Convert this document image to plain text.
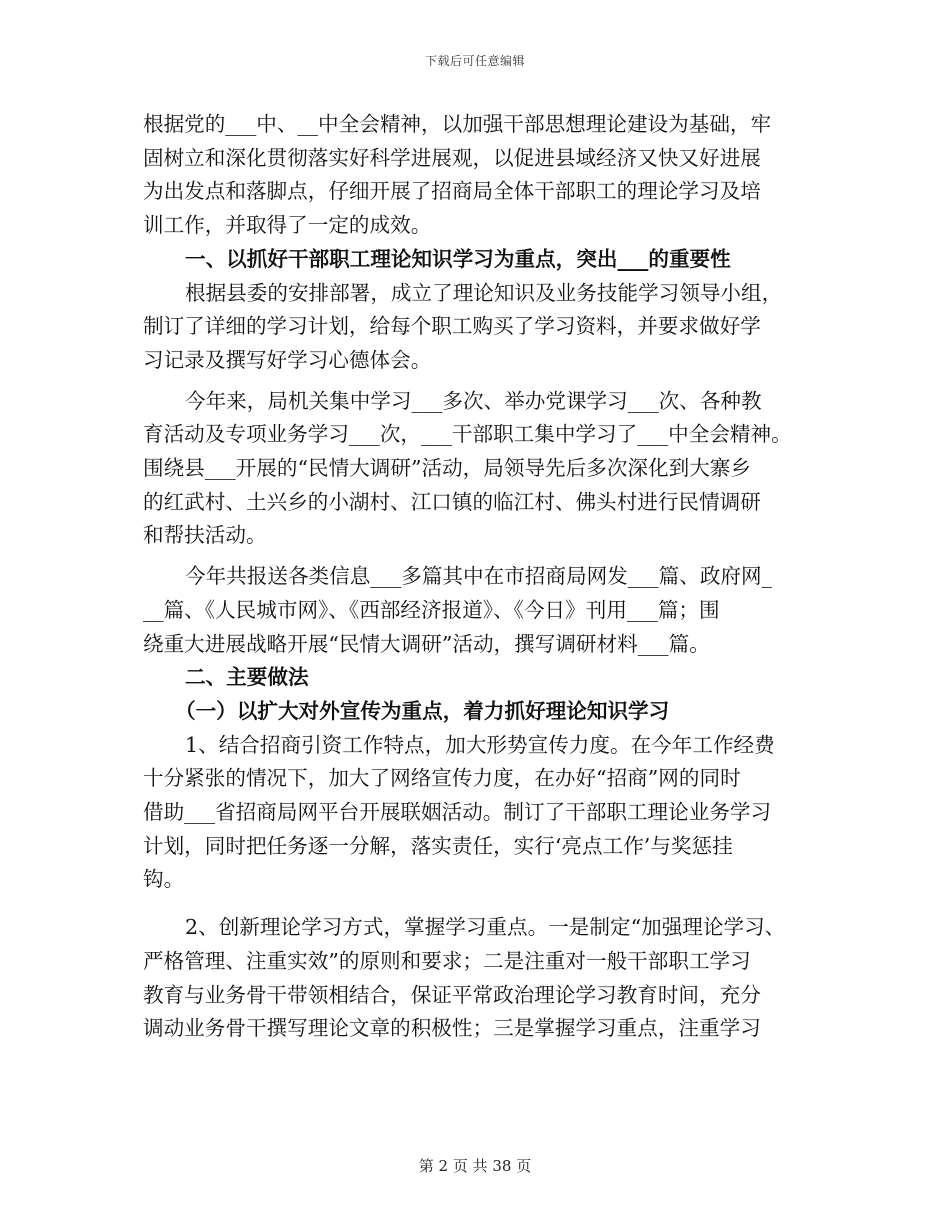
下载后可任意编辑

根据党的___中、__中全会精神，以加强干部思想理论建设为基础，牢

固树立和深化贯彻落实好科学进展观，以促进县域经济又快又好进展

为出发点和落脚点，仔细开展了招商局全体干部职工的理论学习及培

训工作，并取得了一定的成效。

一、以抓好干部职工理论知识学习为重点，突出___的重要性

根据县委的安排部署，成立了理论知识及业务技能学习领导小组，

制订了详细的学习计划，给每个职工购买了学习资料，并要求做好学

习记录及撰写好学习心德体会。

今年来，局机关集中学习___多次、举办党课学习___次、各种教

育活动及专项业务学习___次，___干部职工集中学习了___中全会精神。

围绕县___开展的“民情大调研”活动，局领导先后多次深化到大寨乡

的红武村、土兴乡的小湖村、江口镇的临江村、佛头村进行民情调研

和帮扶活动。

今年共报送各类信息___多篇其中在市招商局网发___篇、政府网_

__篇、《人民城市网》、《西部经济报道》、《今日》刊用___篇；围

绕重大进展战略开展“民情大调研”活动，撰写调研材料___篇。

二、主要做法

（一）以扩大对外宣传为重点，着力抓好理论知识学习

1、结合招商引资工作特点，加大形势宣传力度。在今年工作经费

十分紧张的情况下，加大了网络宣传力度，在办好“招商”网的同时

借助___省招商局网平台开展联姻活动。制订了干部职工理论业务学习

计划，同时把任务逐一分解，落实责任，实行‘亮点工作’与奖惩挂

钩。

2、创新理论学习方式，掌握学习重点。一是制定“加强理论学习、

严格管理、注重实效”的原则和要求；二是注重对一般干部职工学习

教育与业务骨干带领相结合，保证平常政治理论学习教育时间，充分

调动业务骨干撰写理论文章的积极性；三是掌握学习重点，注重学习

第 2 页 共 38 页
